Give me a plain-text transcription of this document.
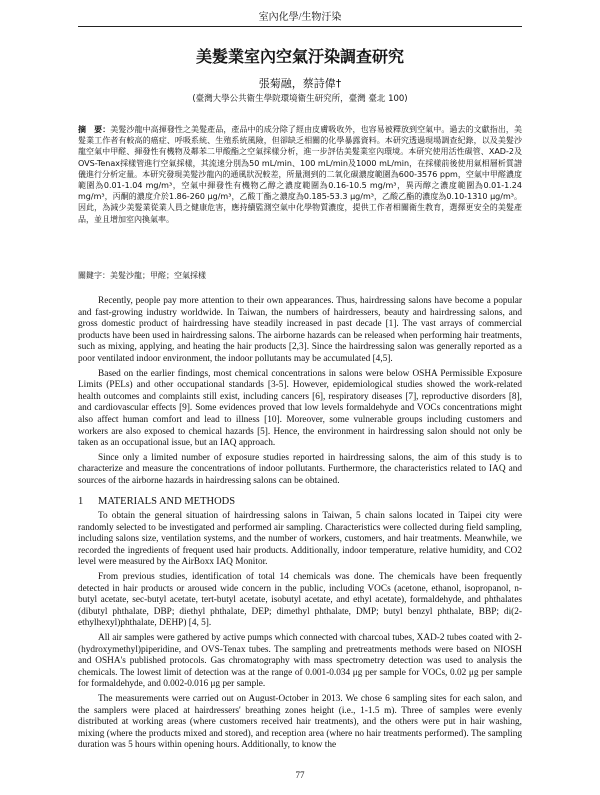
室內化學/生物汙染
美髮業室內空氣汙染調查研究
張菊融，蔡詩偉†
(臺灣大學公共衛生學院環境衛生研究所，臺灣 臺北 100)
摘　要：美髮沙龍中高揮發性之美髮產品，產品中的成分除了經由皮膚吸收外，也容易被釋放到空氣中。過去的文獻指出，美髮業工作者有較高的癌症、呼吸系統、生殖系統風險，但卻缺乏相關的化學暴露資料。本研究透過現場調查紀錄，以及美髮沙龍空氣中甲醛、揮發性有機物及鄰苯二甲酸酯之空氣採樣分析，進一步評估美髮業室內環境。本研究使用活性碳管、XAD-2及OVS-Tenax採樣管進行空氣採樣，其流速分別為50 mL/min、100 mL/min及1000 mL/min，在採樣前後使用氣相層析質譜儀進行分析定量。本研究發現美髮沙龍內的通風狀況較差，所量測到的二氧化碳濃度範圍為600-3576 ppm，空氣中甲醛濃度範圍為0.01-1.04 mg/m³，空氣中揮發性有機物乙醇之濃度範圍為0.16-10.5 mg/m³，異丙醇之濃度範圍為0.01-1.24 mg/m³，丙酮的濃度介於1.86-260 μg/m³，乙酸丁酯之濃度為0.185-53.3 μg/m³，乙酸乙酯的濃度為0.10-1310 μg/m³。因此，為減少美髮業從業人員之健康危害，應持續監測空氣中化學物質濃度，提供工作者相關衛生教育，選擇更安全的美髮產品，並且增加室內換氣率。
關鍵字：美髮沙龍；甲醛；空氣採樣

Recently, people pay more attention to their own appearances. Thus, hairdressing salons have become a popular and fast-growing industry worldwide. In Taiwan, the numbers of hairdressers, beauty and hairdressing salons, and gross domestic product of hairdressing have steadily increased in past decade [1]. The vast arrays of commercial products have been used in hairdressing salons. The airborne hazards can be released when performing hair treatments, such as mixing, applying, and heating the hair products [2,3]. Since the hairdressing salon was generally reported as a poor ventilated indoor environment, the indoor pollutants may be accumulated [4,5].

Based on the earlier findings, most chemical concentrations in salons were below OSHA Permissible Exposure Limits (PELs) and other occupational standards [3-5]. However, epidemiological studies showed the work-related health outcomes and complaints still exist, including cancers [6], respiratory diseases [7], reproductive disorders [8], and cardiovascular effects [9]. Some evidences proved that low levels formaldehyde and VOCs concentrations might also affect human comfort and lead to illness [10]. Moreover, some vulnerable groups including customers and workers are also exposed to chemical hazards [5]. Hence, the environment in hairdressing salon should not only be taken as an occupational issue, but an IAQ approach.

Since only a limited number of exposure studies reported in hairdressing salons, the aim of this study is to characterize and measure the concentrations of indoor pollutants. Furthermore, the characteristics related to IAQ and sources of the airborne hazards in hairdressing salons can be obtained.

1 MATERIALS AND METHODS

To obtain the general situation of hairdressing salons in Taiwan, 5 chain salons located in Taipei city were randomly selected to be investigated and performed air sampling. Characteristics were collected during field sampling, including salons size, ventilation systems, and the number of workers, customers, and hair treatments. Meanwhile, we recorded the ingredients of frequent used hair products. Additionally, indoor temperature, relative humidity, and CO2 level were measured by the AirBoxx IAQ Monitor.

From previous studies, identification of total 14 chemicals was done. The chemicals have been frequently detected in hair products or aroused wide concern in the public, including VOCs (acetone, ethanol, isopropanol, n-butyl acetate, sec-butyl acetate, tert-butyl acetate, isobutyl acetate, and ethyl acetate), formaldehyde, and phthalates (dibutyl phthalate, DBP; diethyl phthalate, DEP; dimethyl phthalate, DMP; butyl benzyl phthalate, BBP; di(2-ethylhexyl)phthalate, DEHP) [4, 5].

All air samples were gathered by active pumps which connected with charcoal tubes, XAD-2 tubes coated with 2-(hydroxymethyl)piperidine, and OVS-Tenax tubes. The sampling and pretreatments methods were based on NIOSH and OSHA's published protocols. Gas chromatography with mass spectrometry detection was used to analysis the chemicals. The lowest limit of detection was at the range of 0.001-0.034 μg per sample for VOCs, 0.02 μg per sample for formaldehyde, and 0.002-0.016 μg per sample.

The measurements were carried out on August-October in 2013. We chose 6 sampling sites for each salon, and the samplers were placed at hairdressers' breathing zones height (i.e., 1-1.5 m). Three of samples were evenly distributed at working areas (where customers received hair treatments), and the others were put in hair washing, mixing (where the products mixed and stored), and reception area (where no hair treatments performed). The sampling duration was 5 hours within opening hours. Additionally, to know the

77
